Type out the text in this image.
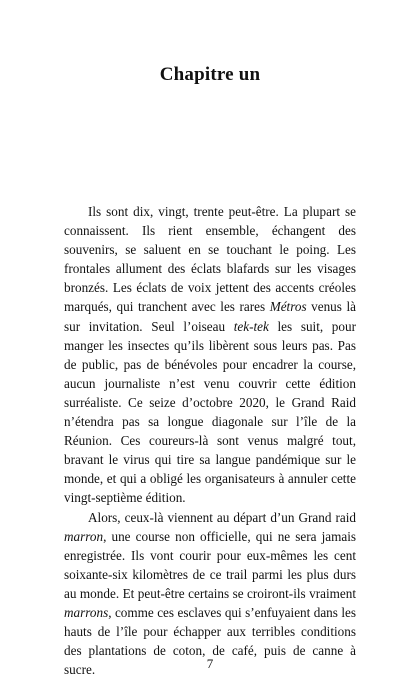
Chapitre un

Ils sont dix, vingt, trente peut-être. La plupart se connaissent. Ils rient ensemble, échangent des souvenirs, se saluent en se touchant le poing. Les frontales allument des éclats blafards sur les visages bronzés. Les éclats de voix jettent des accents créoles marqués, qui tranchent avec les rares Métros venus là sur invitation. Seul l’oiseau tek-tek les suit, pour manger les insectes qu’ils libèrent sous leurs pas. Pas de public, pas de bénévoles pour encadrer la course, aucun journaliste n’est venu couvrir cette édition surréaliste. Ce seize d’octobre 2020, le Grand Raid n’étendra pas sa longue diagonale sur l’île de la Réunion. Ces coureurs-là sont venus malgré tout, bravant le virus qui tire sa langue pandémique sur le monde, et qui a obligé les organisateurs à annuler cette vingt-septième édition.

Alors, ceux-là viennent au départ d’un Grand raid marron, une course non officielle, qui ne sera jamais enregistrée. Ils vont courir pour eux-mêmes les cent soixante-six kilomètres de ce trail parmi les plus durs au monde. Et peut-être certains se croiront-ils vraiment marrons, comme ces esclaves qui s’enfuyaient dans les hauts de l’île pour échapper aux terribles conditions des plantations de coton, de café, puis de canne à sucre.	7
